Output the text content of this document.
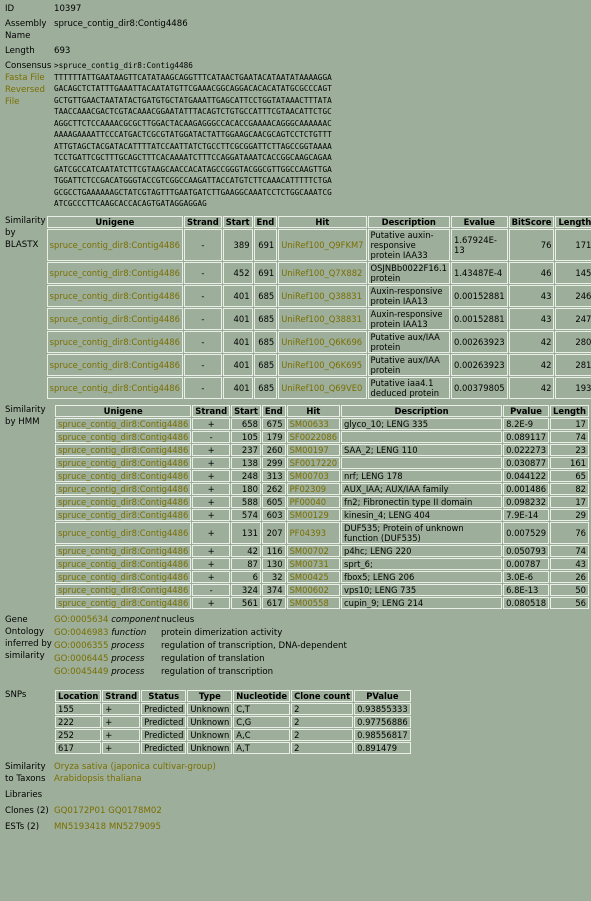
ID	10397
Assembly Name
spruce_contig_dir8:Contig4486
Length	693
Consensus
Fasta File
Reversed File
>spruce_contig_dir8:Contig4486
TTTTTTATTGAATAAGTTCATATAAGCAGGTTTCATAACTGAATACATAATATAAAAGGA
GACAGCTCTATTTGAAATTACAATATGTTCGAAACGGCAGGACACACATATGCGCCCAGT
GCTGTTGAACTAATATACTGATGTGCTATGAAATTGAGCATTCCTGGTATAAACTTTATA
TAACCAAACGACTCGTACAAACGGAATATTTACAGTCTGTGCCATTTCGTAACATTCTGC
AGGCTTCTCCAAAACGCGCTTGGACTACAAGAGGGCCACACCGAAAACAGGGCAAAAAAC
AAAAGAAAATTCCCATGACTCGCGTATGGATACTATTGGAAGCAACGCAGTCCTCTGTTT
ATTGTAGCTACGATACATTTTATCCAATTATCTGCCTTCGCGGATTCTTAGCCGGTAAAA
TCCTGATTCGCTTTGCAGCTTTCACAAAATCTTTCCAGGATAAATCACCGGCAAGCAGAA
GATCGCCATCAATATCTTCGTAAGCAACCACATAGCCGGGTACGGCGTTGGCCAAGTTGA
TGGATTCTCCGACATGGGTACCGTCGGCCAAGATTACCATGTCTTCAAACATTTTTCTGA
GCGCCTGAAAAAAGCTATCGTAGTTTGAATGATCTTGAAGGCAAATCCTCTGGCAAATCG
ATCGCCCTTCAAGCACCACAGTGATAGGAGGAG
Similarity by BLASTX
Unigene	Strand	Start	End	Hit	Description	Evalue	BitScore	Length
spruce_contig_dir8:Contig4486	-	389	691	UniRef100_Q9FKM7	Putative auxin-responsive protein IAA33	1.67924E-13	76	171
spruce_contig_dir8:Contig4486	-	452	691	UniRef100_Q7X882	OSJNBb0022F16.1 protein	1.43487E-4	46	145
spruce_contig_dir8:Contig4486	-	401	685	UniRef100_Q38831	Auxin-responsive protein IAA13	0.00152881	43	246
spruce_contig_dir8:Contig4486	-	401	685	UniRef100_Q38831	Auxin-responsive protein IAA13	0.00152881	43	247
spruce_contig_dir8:Contig4486	-	401	685	UniRef100_Q6K696	Putative aux/IAA protein	0.00263923	42	280
spruce_contig_dir8:Contig4486	-	401	685	UniRef100_Q6K695	Putative aux/IAA protein	0.00263923	42	281
spruce_contig_dir8:Contig4486	-	401	685	UniRef100_Q69VE0	Putative iaa4.1 deduced protein	0.00379805	42	193
Similarity by HMM
Unigene	Strand	Start	End	Hit	Description	Pvalue	Length
spruce_contig_dir8:Contig4486	+	658	675	SM00633	glyco_10; LENG 335	8.2E-9	17
spruce_contig_dir8:Contig4486	-	105	179	SF0022086		0.089117	74
spruce_contig_dir8:Contig4486	+	237	260	SM00197	SAA_2; LENG 110	0.022273	23
spruce_contig_dir8:Contig4486	+	138	299	SF0017220		0.030877	161
spruce_contig_dir8:Contig4486	+	248	313	SM00703	nrf; LENG 178	0.044122	65
spruce_contig_dir8:Contig4486	+	180	262	PF02309	AUX_IAA; AUX/IAA family	0.001486	82
spruce_contig_dir8:Contig4486	+	588	605	PF00040	fn2; Fibronectin type II domain	0.098232	17
spruce_contig_dir8:Contig4486	+	574	603	SM00129	kinesin_4; LENG 404	7.9E-14	29
spruce_contig_dir8:Contig4486	+	131	207	PF04393	DUF535; Protein of unknown function (DUF535)	0.007529	76
spruce_contig_dir8:Contig4486	+	42	116	SM00702	p4hc; LENG 220	0.050793	74
spruce_contig_dir8:Contig4486	+	87	130	SM00731	sprt_6;	0.00787	43
spruce_contig_dir8:Contig4486	+	6	32	SM00425	fbox5; LENG 206	3.0E-6	26
spruce_contig_dir8:Contig4486	-	324	374	SM00602	vps10; LENG 735	6.8E-13	50
spruce_contig_dir8:Contig4486	+	561	617	SM00558	cupin_9; LENG 214	0.080518	56
Gene Ontology inferred by similarity
GO:0005634 component nucleus
GO:0046983 function	protein dimerization activity
GO:0006355 process	regulation of transcription, DNA-dependent
GO:0006445 process	regulation of translation
GO:0045449 process	regulation of transcription
SNPs	Location	Strand	Status	Type	Nucleotide	Clone count	PValue
155	+	Predicted	Unknown	C,T	2	0.93855333
222	+	Predicted	Unknown	C,G	2	0.97756886
252	+	Predicted	Unknown	A,C	2	0.98556817
617	+	Predicted	Unknown	A,T	2	0.891479
Similarity to Taxons
Oryza sativa (japonica cultivar-group)
Arabidopsis thaliana
Libraries
Clones (2) GQ0172P01 GQ0178M02
ESTs (2)	MN5193418 MN5279095
